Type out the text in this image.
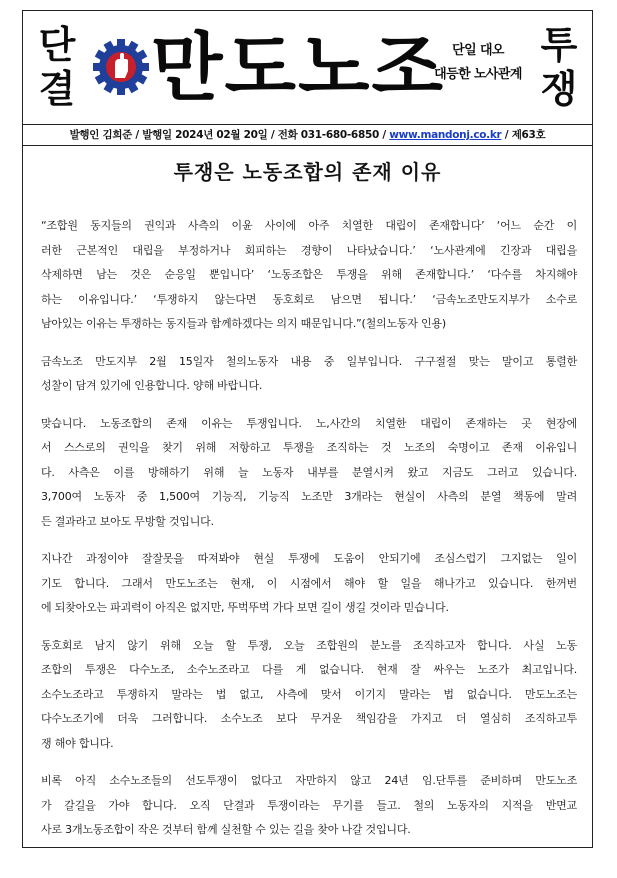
단
결 만도노조 단일 대오
대등한 노사관계
투
쟁
발행인 김희준 / 발행일 2024년 02월 20일 / 전화 031-680-6850 / www.mandonj.co.kr / 제63호
투쟁은 노동조합의 존재 이유
“조합원 동지들의 권익과 사측의 이윤 사이에 아주 치열한 대립이 존재합니다’ ‘어느 순간 이
러한 근본적인 대립을 부정하거나 회피하는 경향이 나타났습니다.’ ‘노사관계에 긴장과 대립을
삭제하면 남는 것은 순응일 뿐입니다’ ‘노동조합은 투쟁을 위해 존재합니다.’ ‘다수를 차지해야
하는 이유입니다.’ ‘투쟁하지 않는다면 동호회로 남으면 됩니다.’ ‘금속노조만도지부가 소수로
남아있는 이유는 투쟁하는 동지들과 함께하겠다는 의지 때문입니다.”(철의노동자 인용)
금속노조 만도지부 2월 15일자 철의노동자 내용 중 일부입니다. 구구절절 맞는 말이고 통렬한
성찰이 담겨 있기에 인용합니다. 양해 바랍니다.
맞습니다. 노동조합의 존재 이유는 투쟁입니다. 노,사간의 치열한 대립이 존재하는 곳 현장에
서 스스로의 권익을 찾기 위해 저항하고 투쟁을 조직하는 것 노조의 숙명이고 존재 이유입니
다. 사측은 이를 방해하기 위해 늘 노동자 내부를 분열시켜 왔고 지금도 그러고 있습니다.
3,700여 노동자 중 1,500여 기능직, 기능직 노조만 3개라는 현실이 사측의 분열 책동에 말려
든 결과라고 보아도 무방할 것입니다.
지나간 과정이야 잘잘못을 따져봐야 현실 투쟁에 도움이 안되기에 조심스럽기 그지없는 일이
기도 합니다. 그래서 만도노조는 현재, 이 시점에서 해야 할 일을 해나가고 있습니다. 한꺼번
에 되찾아오는 파괴력이 아직은 없지만, 뚜벅뚜벅 가다 보면 길이 생길 것이라 믿습니다.
동호회로 남지 않기 위해 오늘 할 투쟁, 오늘 조합원의 분노를 조직하고자 합니다. 사실 노동
조합의 투쟁은 다수노조, 소수노조라고 다를 게 없습니다. 현재 잘 싸우는 노조가 최고입니다.
소수노조라고 투쟁하지 말라는 법 없고, 사측에 맞서 이기지 말라는 법 없습니다. 만도노조는
다수노조기에 더욱 그러합니다. 소수노조 보다 무거운 책임감을 가지고 더 열심히 조직하고투
쟁 해야 합니다.
비록 아직 소수노조들의 선도투쟁이 없다고 자만하지 않고 24년 임.단투를 준비하며 만도노조
가 갈길을 가야 합니다. 오직 단결과 투쟁이라는 무기를 들고. 철의 노동자의 지적을 반면교
사로 3개노동조합이 작은 것부터 함께 실천할 수 있는 길을 찾아 나갈 것입니다.
